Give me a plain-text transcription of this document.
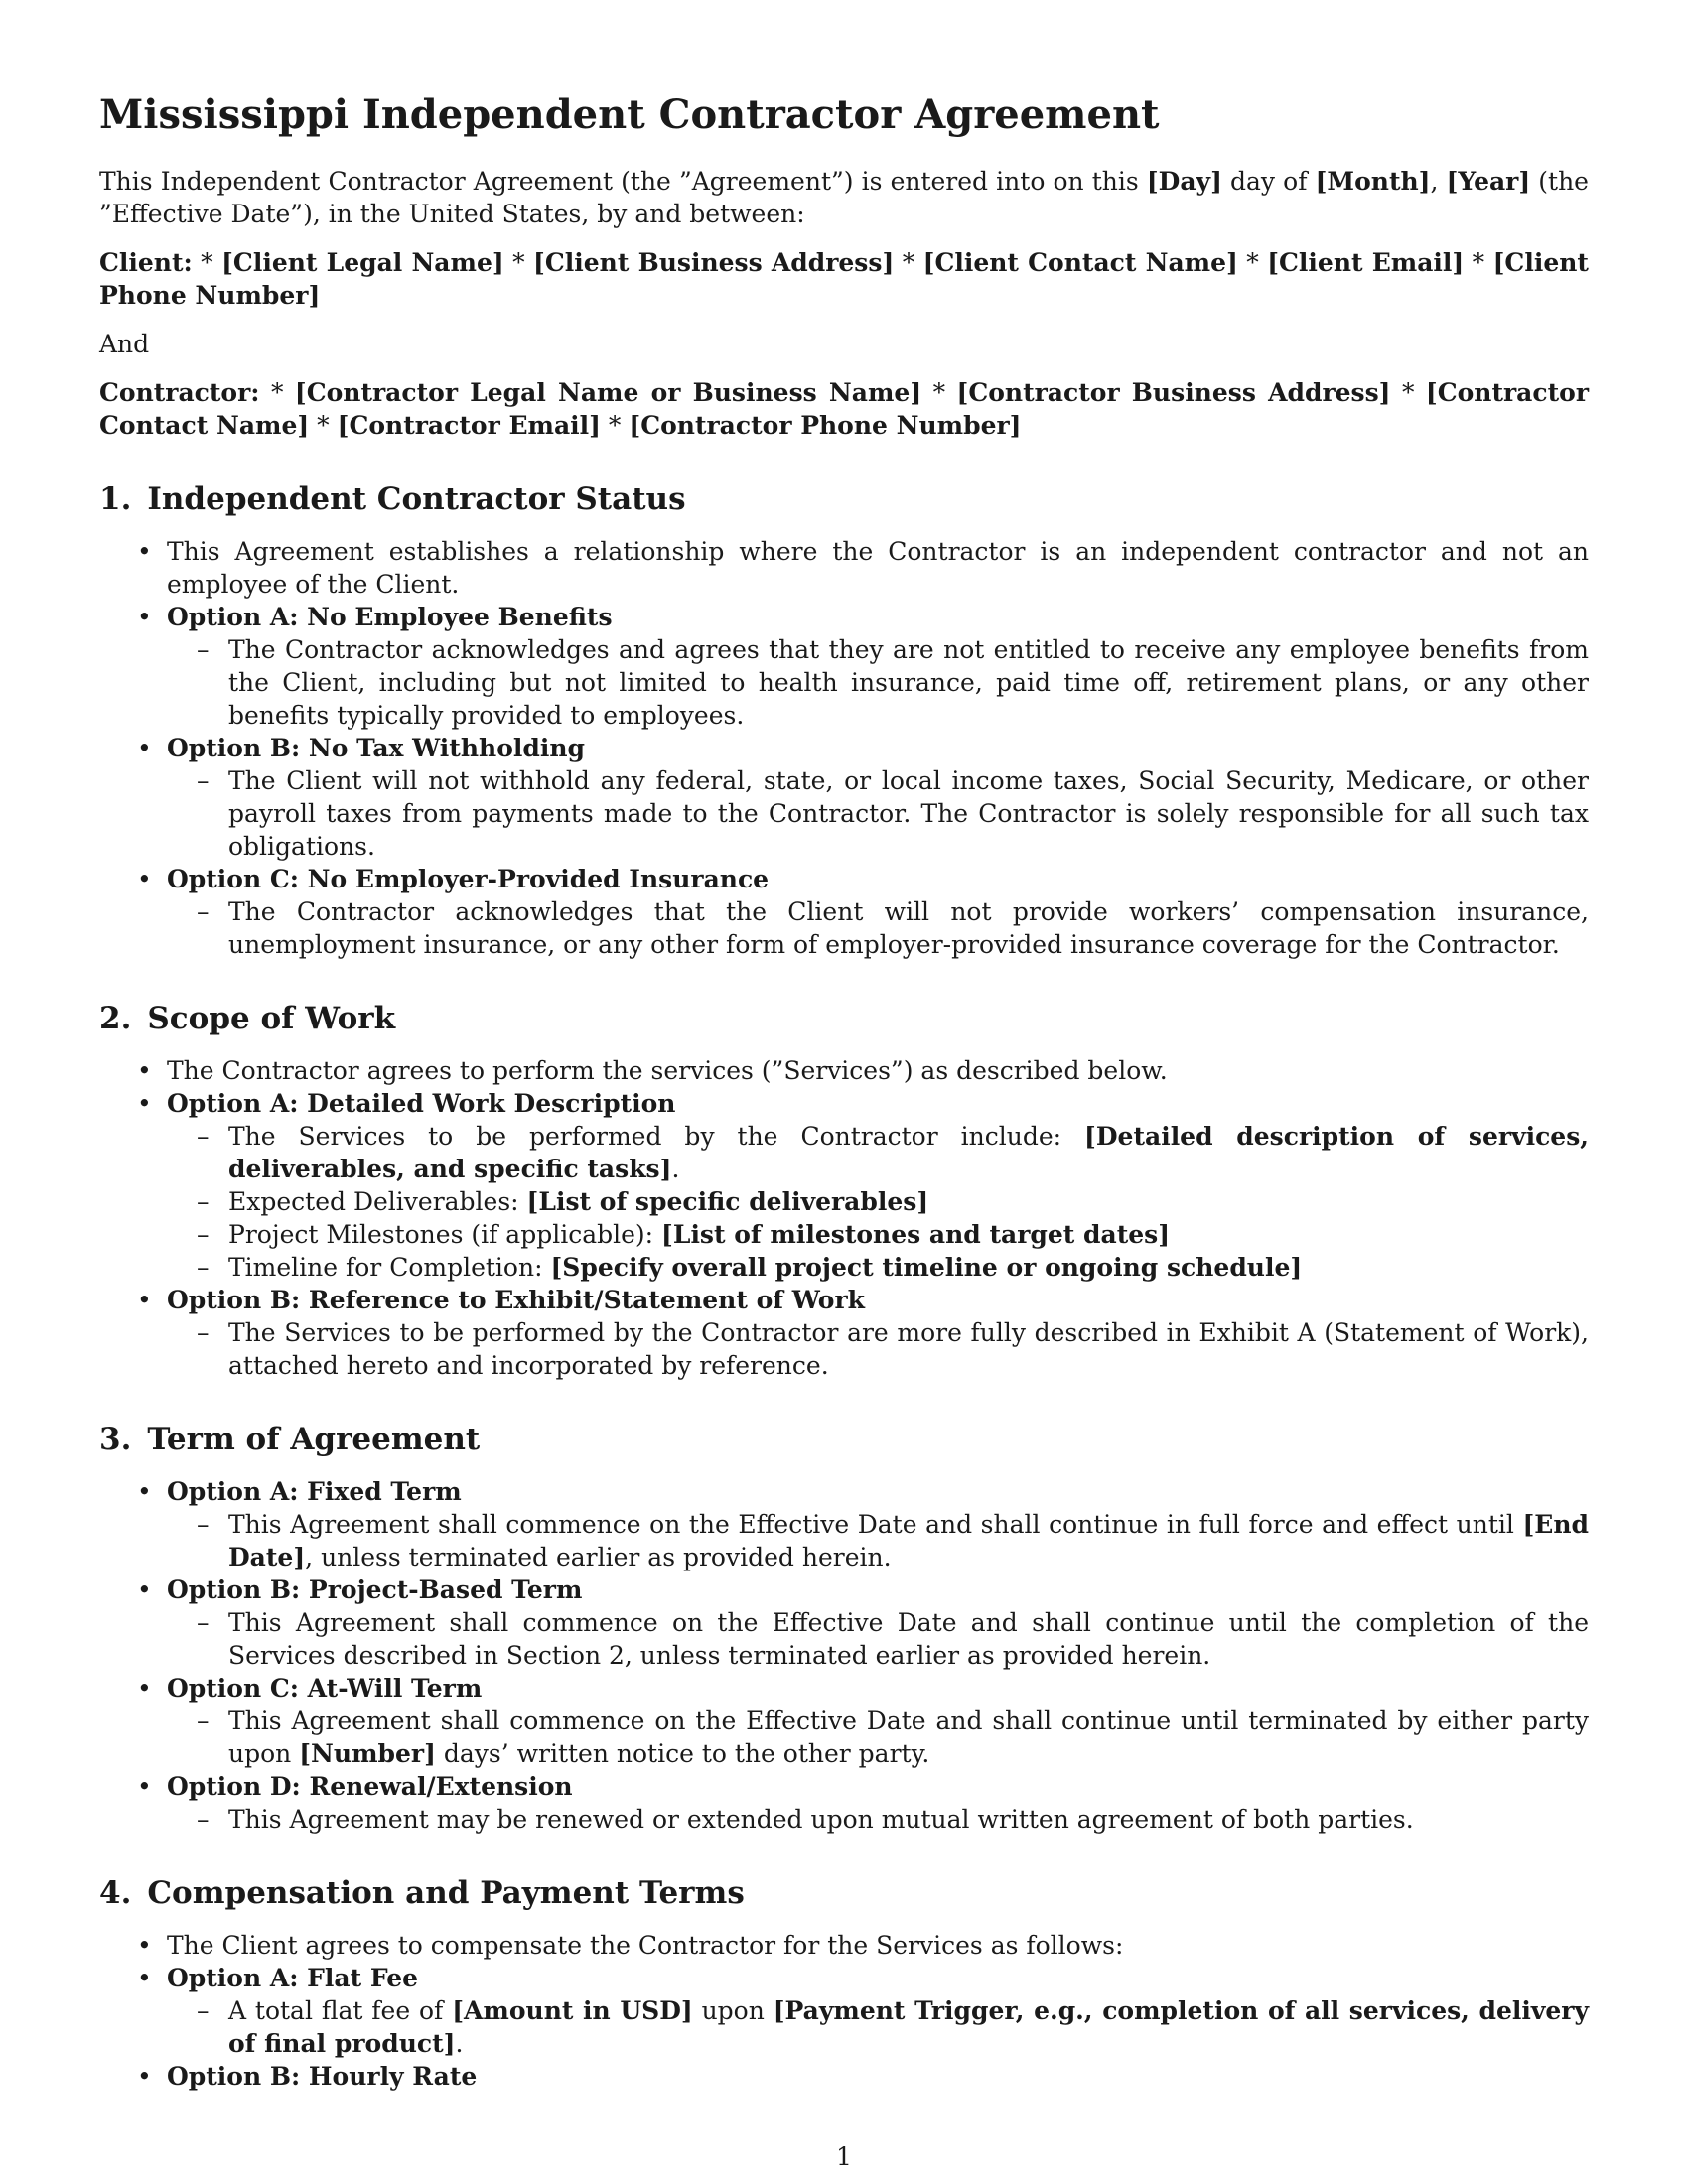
Mississippi Independent Contractor Agreement

This Independent Contractor Agreement (the ”Agreement”) is entered into on this [Day] day of [Month], [Year] (the ”Effective Date”), in the United States, by and between:

Client: * [Client Legal Name] * [Client Business Address] * [Client Contact Name] * [Client Email] * [Client Phone Number]

And

Contractor: * [Contractor Legal Name or Business Name] * [Contractor Business Address] * [Contractor Contact Name] * [Contractor Email] * [Contractor Phone Number]

1. Independent Contractor Status
• This Agreement establishes a relationship where the Contractor is an independent contractor and not an employee of the Client.
• Option A: No Employee Benefits
– The Contractor acknowledges and agrees that they are not entitled to receive any employee benefits from the Client, including but not limited to health insurance, paid time off, retirement plans, or any other benefits typically provided to employees.
• Option B: No Tax Withholding
– The Client will not withhold any federal, state, or local income taxes, Social Security, Medicare, or other payroll taxes from payments made to the Contractor. The Contractor is solely responsible for all such tax obligations.
• Option C: No Employer-Provided Insurance
– The Contractor acknowledges that the Client will not provide workers’ compensation insurance, unemployment insurance, or any other form of employer-provided insurance coverage for the Contractor.
2. Scope of Work
• The Contractor agrees to perform the services (”Services”) as described below.
• Option A: Detailed Work Description
– The Services to be performed by the Contractor include: [Detailed description of services, deliverables, and specific tasks].
– Expected Deliverables: [List of specific deliverables]
– Project Milestones (if applicable): [List of milestones and target dates]
– Timeline for Completion: [Specify overall project timeline or ongoing schedule]
• Option B: Reference to Exhibit/Statement of Work
– The Services to be performed by the Contractor are more fully described in Exhibit A (Statement of Work), attached hereto and incorporated by reference.
3. Term of Agreement
• Option A: Fixed Term
– This Agreement shall commence on the Effective Date and shall continue in full force and effect until [End Date], unless terminated earlier as provided herein.
• Option B: Project-Based Term
– This Agreement shall commence on the Effective Date and shall continue until the completion of the Services described in Section 2, unless terminated earlier as provided herein.
• Option C: At-Will Term
– This Agreement shall commence on the Effective Date and shall continue until terminated by either party upon [Number] days’ written notice to the other party.
• Option D: Renewal/Extension
– This Agreement may be renewed or extended upon mutual written agreement of both parties.
4. Compensation and Payment Terms
• The Client agrees to compensate the Contractor for the Services as follows:
• Option A: Flat Fee
– A total flat fee of [Amount in USD] upon [Payment Trigger, e.g., completion of all services, delivery of final product].
• Option B: Hourly Rate
1
